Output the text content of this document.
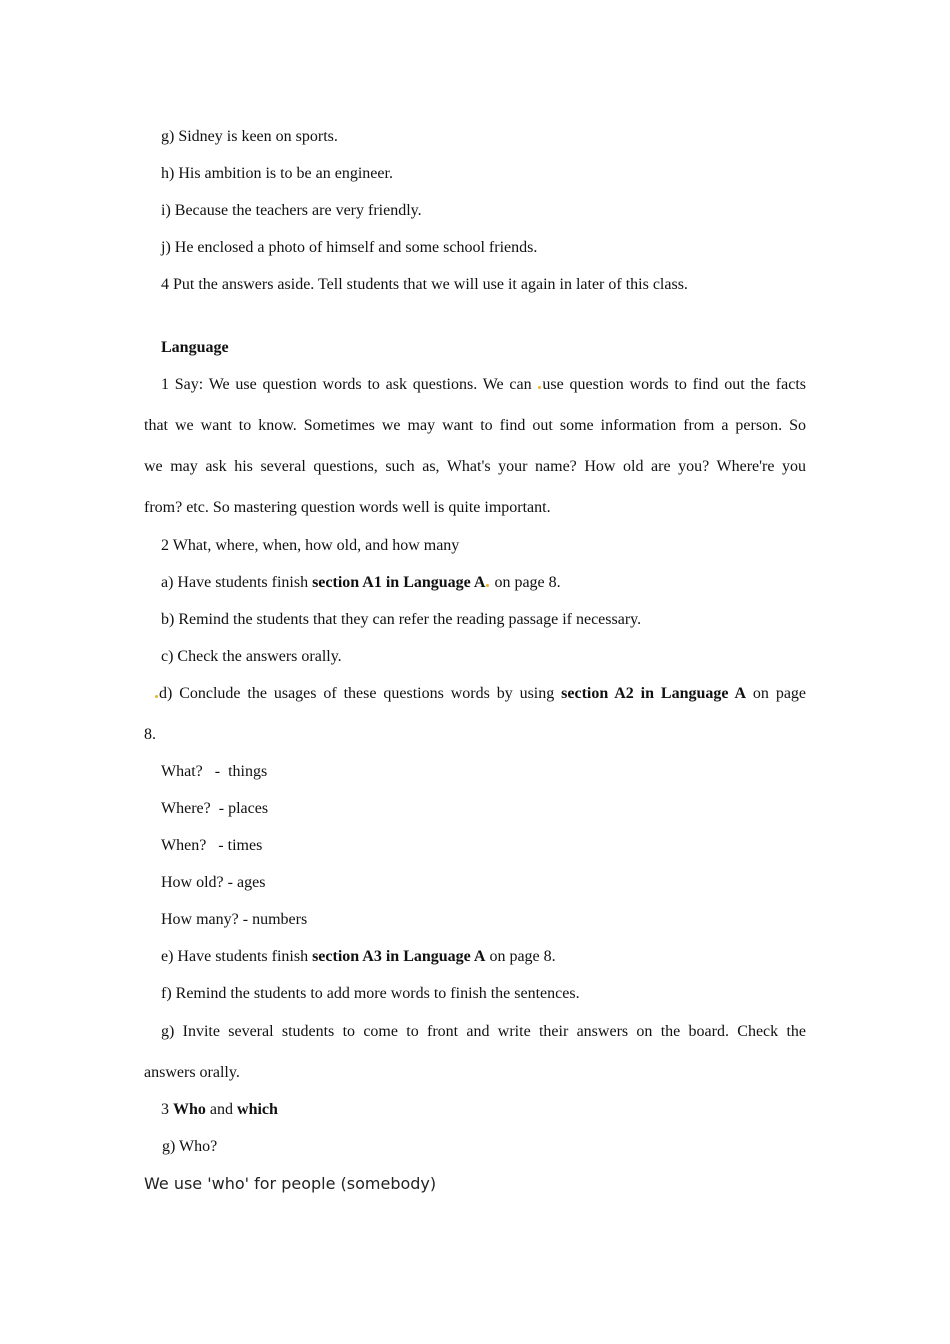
g) Sidney is keen on sports.
h) His ambition is to be an engineer.
i) Because the teachers are very friendly.
j) He enclosed a photo of himself and some school friends.
4 Put the answers aside. Tell students that we will use it again in later of this class.
Language
1 Say: We use question words to ask questions. We can use question words to find out the facts
that we want to know. Sometimes we may want to find out some information from a person. So
we may ask his several questions, such as, What's your name? How old are you? Where're you
from? etc. So mastering question words well is quite important.
2 What, where, when, how old, and how many
a) Have students finish section A1 in Language A on page 8.
b) Remind the students that they can refer the reading passage if necessary.
c) Check the answers orally.
d) Conclude the usages of these questions words by using section A2 in Language A on page
8.
What?   -  things
Where?  - places
When?   - times
How old? - ages
How many? - numbers
e) Have students finish section A3 in Language A on page 8.
f) Remind the students to add more words to finish the sentences.
g) Invite several students to come to front and write their answers on the board. Check the
answers orally.
3 Who and which
g) Who?
We use 'who' for people (somebody)
